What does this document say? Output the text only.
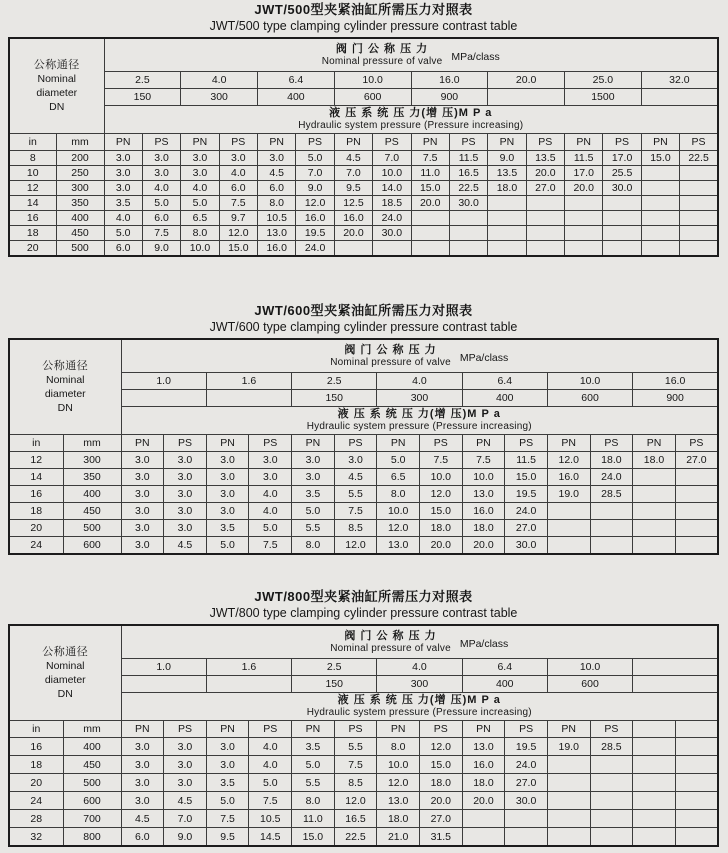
JWT/500型夹紧油缸所需压力对照表
JWT/500 type clamping cylinder pressure contrast table
公称通径
Nominal
diameter
DN

阀 门 公 称 压 力
Nominal pressure of valve MPa/class

		2.5		4.0		6.4		10.0		16.0		20.0		25.0		32.0	
		150		300		400		600		900				1500			

		液 压 系 统 压 力(增 压)M P a
Hydraulic system pressure (Pressure increasing)															

in	mm	PN	PS	PN	PS	PN	PS	PN	PS	PN	PS	PN	PS	PN	PS	PN	PS
8	200	3.0	3.0	3.0	3.0	3.0	5.0	4.5	7.0	7.5	11.5	9.0	13.5	11.5	17.0	15.0	22.5
10	250	3.0	3.0	3.0	4.0	4.5	7.0	7.0	10.0	11.0	16.5	13.5	20.0	17.0	25.5		
12	300	3.0	4.0	4.0	6.0	6.0	9.0	9.5	14.0	15.0	22.5	18.0	27.0	20.0	30.0		
14	350	3.5	5.0	5.0	7.5	8.0	12.0	12.5	18.5	20.0	30.0						
16	400	4.0	6.0	6.5	9.7	10.5	16.0	16.0	24.0								
18	450	5.0	7.5	8.0	12.0	13.0	19.5	20.0	30.0								
20	500	6.0	9.0	10.0	15.0	16.0	24.0										
JWT/600型夹紧油缸所需压力对照表
JWT/600 type clamping cylinder pressure contrast table
公称通径
Nominal
diameter
DN

阀 门 公 称 压 力
Nominal pressure of valve MPa/class

		1.0		1.6		2.5		4.0		6.4		10.0		16.0	
						150		300		400		600		900	

		液 压 系 统 压 力(增 压)M P a
Hydraulic system pressure (Pressure increasing)													

in	mm	PN	PS	PN	PS	PN	PS	PN	PS	PN	PS	PN	PS	PN	PS
12	300	3.0	3.0	3.0	3.0	3.0	3.0	5.0	7.5	7.5	11.5	12.0	18.0	18.0	27.0
14	350	3.0	3.0	3.0	3.0	3.0	4.5	6.5	10.0	10.0	15.0	16.0	24.0		
16	400	3.0	3.0	3.0	4.0	3.5	5.5	8.0	12.0	13.0	19.5	19.0	28.5		
18	450	3.0	3.0	3.0	4.0	5.0	7.5	10.0	15.0	16.0	24.0				
20	500	3.0	3.0	3.5	5.0	5.5	8.5	12.0	18.0	18.0	27.0				
24	600	3.0	4.5	5.0	7.5	8.0	12.0	13.0	20.0	20.0	30.0				
JWT/800型夹紧油缸所需压力对照表
JWT/800 type clamping cylinder pressure contrast table
公称通径
Nominal
diameter
DN

阀 门 公 称 压 力
Nominal pressure of valve MPa/class

		1.0		1.6		2.5		4.0		6.4		10.0			
						150		300		400		600			

		液 压 系 统 压 力(增 压)M P a
Hydraulic system pressure (Pressure increasing)													

in	mm	PN	PS	PN	PS	PN	PS	PN	PS	PN	PS	PN	PS		
16	400	3.0	3.0	3.0	4.0	3.5	5.5	8.0	12.0	13.0	19.5	19.0	28.5		
18	450	3.0	3.0	3.0	4.0	5.0	7.5	10.0	15.0	16.0	24.0				
20	500	3.0	3.0	3.5	5.0	5.5	8.5	12.0	18.0	18.0	27.0				
24	600	3.0	4.5	5.0	7.5	8.0	12.0	13.0	20.0	20.0	30.0				
28	700	4.5	7.0	7.5	10.5	11.0	16.5	18.0	27.0						
32	800	6.0	9.0	9.5	14.5	15.0	22.5	21.0	31.5						
